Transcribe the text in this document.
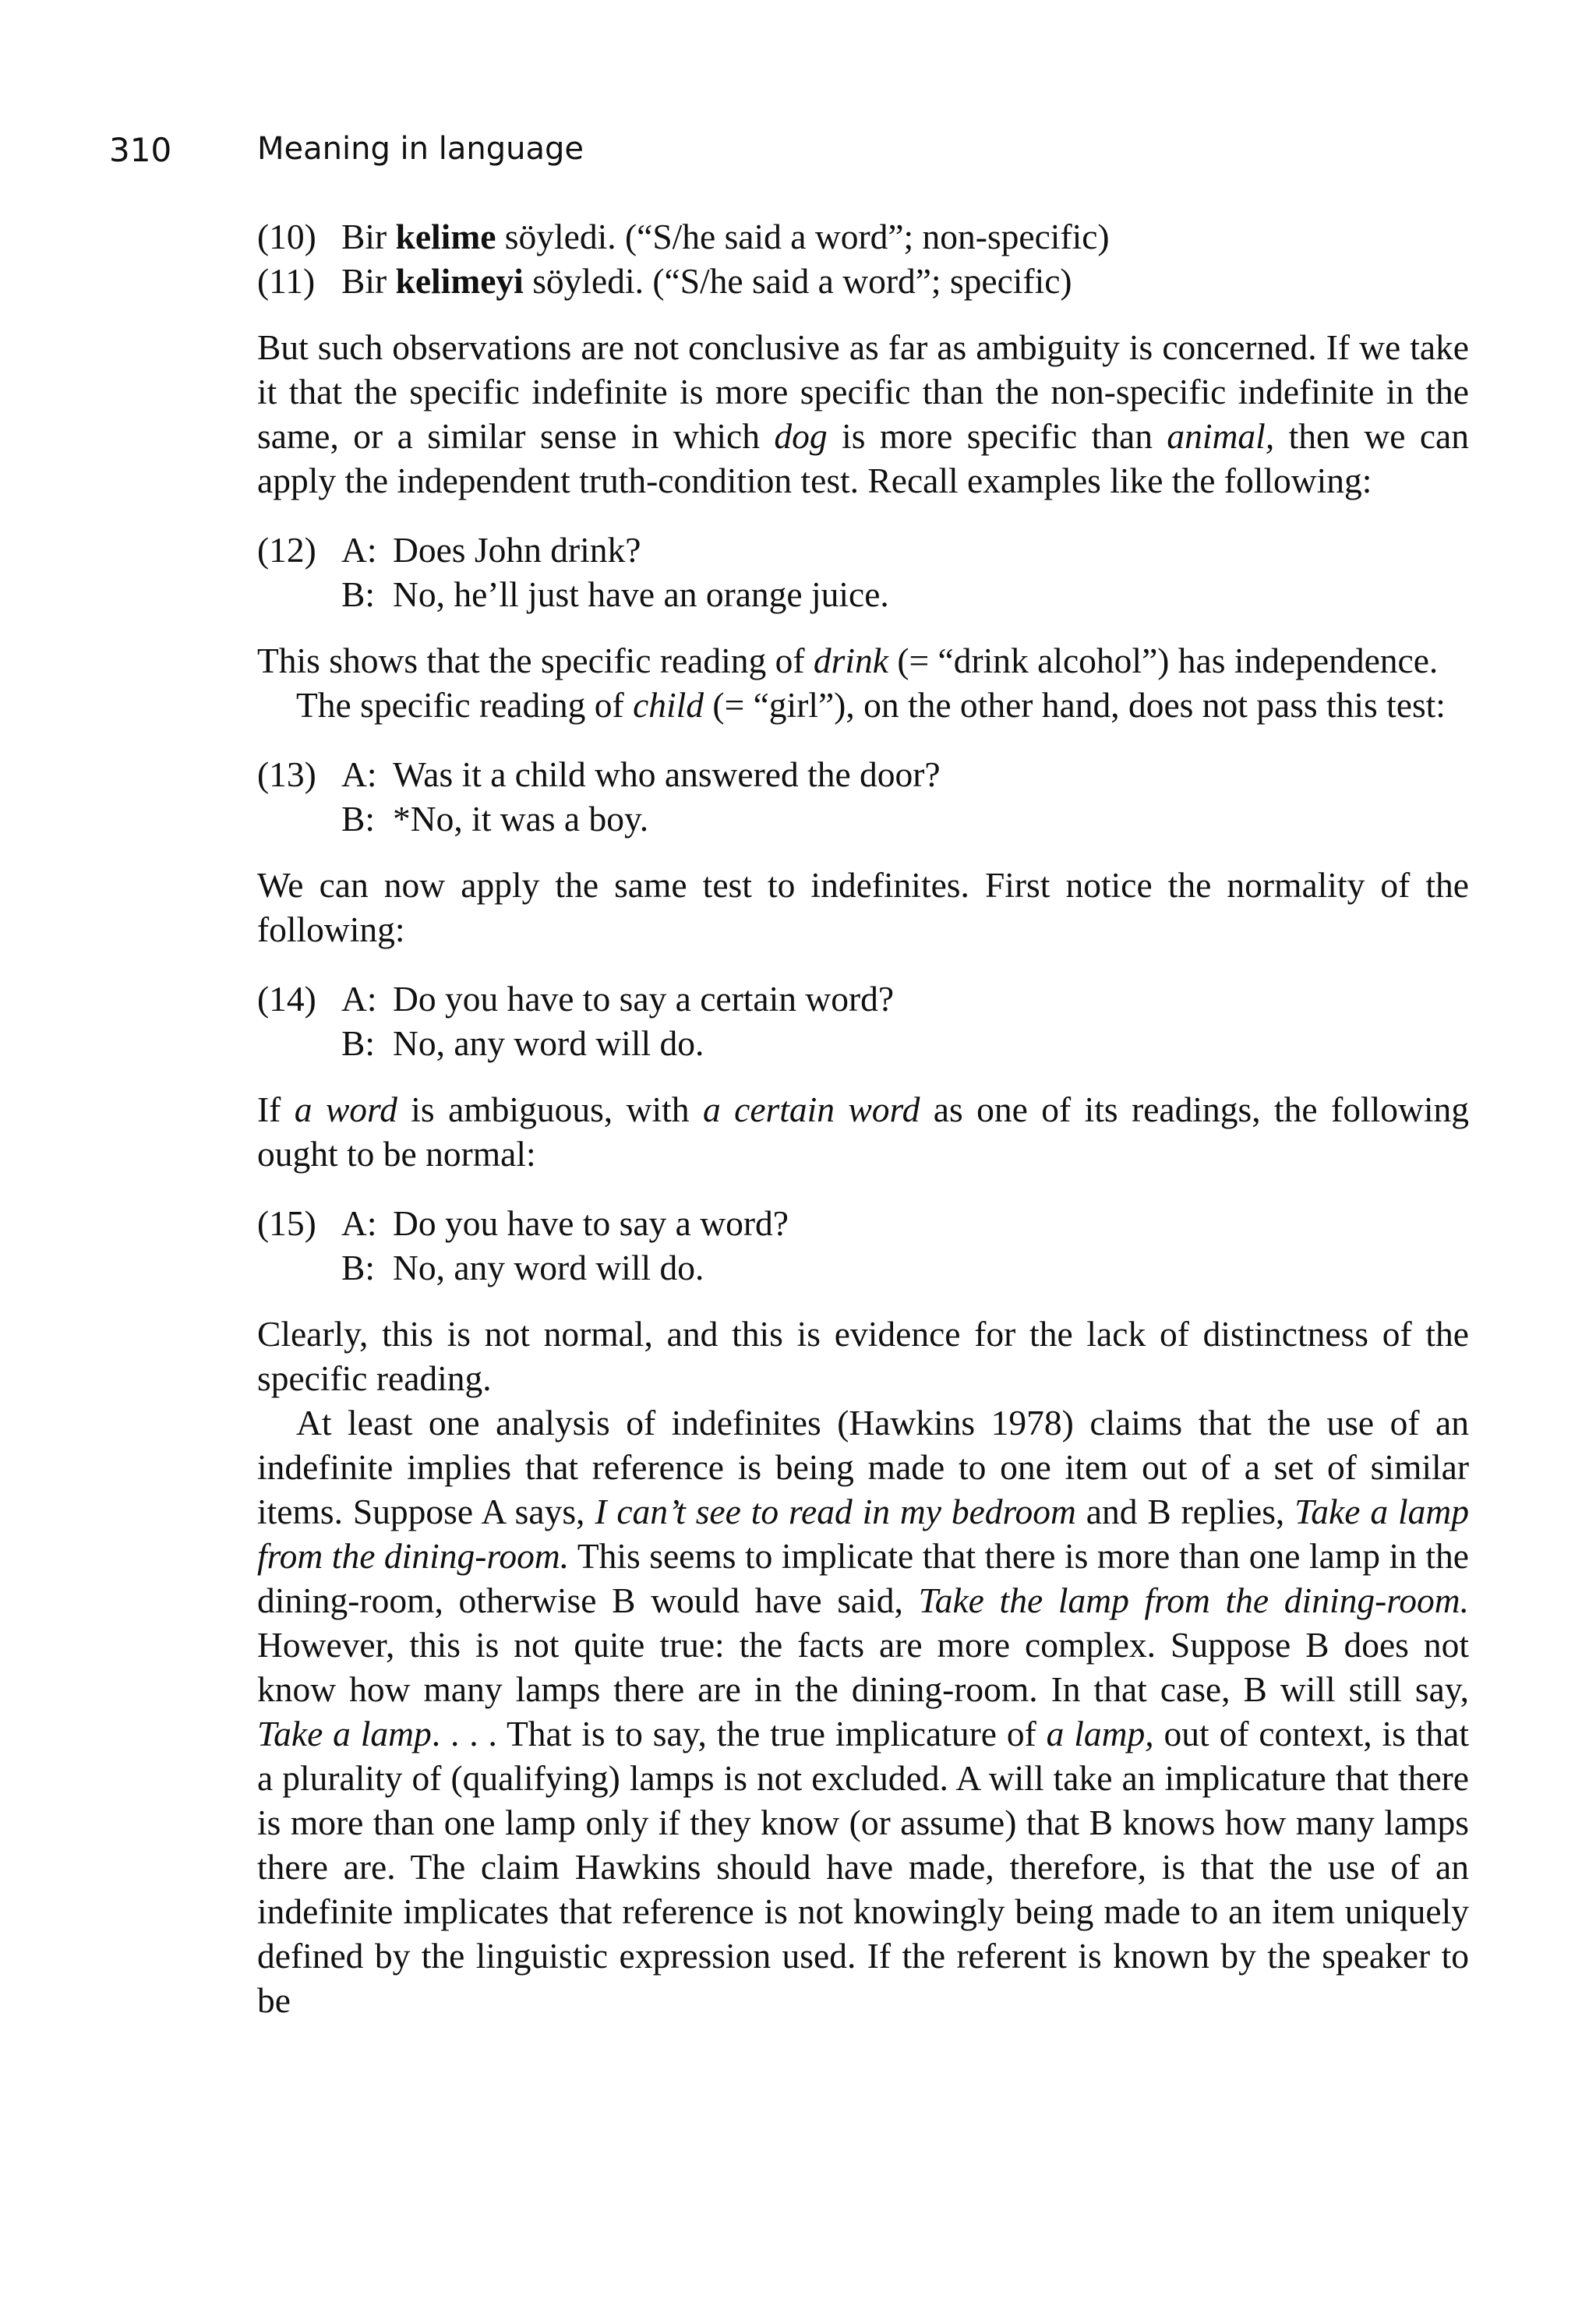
310	Meaning in language
(10) Bir kelime söyledi. (“S/he said a word”; non-specific)
(11) Bir kelimeyi söyledi. (“S/he said a word”; specific)

But such observations are not conclusive as far as ambiguity is concerned. If we take it that the specific indefinite is more specific than the non-specific indefinite in the same, or a similar sense in which dog is more specific than animal, then we can apply the independent truth-condition test. Recall examples like the following:

(12) A: Does John drink?
B: No, he’ll just have an orange juice.

This shows that the specific reading of drink (= “drink alcohol”) has independence.

The specific reading of child (= “girl”), on the other hand, does not pass this test:

(13) A: Was it a child who answered the door?
B: *No, it was a boy.

We can now apply the same test to indefinites. First notice the normality of the following:

(14) A: Do you have to say a certain word?
B: No, any word will do.

If a word is ambiguous, with a certain word as one of its readings, the following ought to be normal:

(15) A: Do you have to say a word?
B: No, any word will do.

Clearly, this is not normal, and this is evidence for the lack of distinctness of the specific reading.

At least one analysis of indefinites (Hawkins 1978) claims that the use of an indefinite implies that reference is being made to one item out of a set of similar items. Suppose A says, I can’t see to read in my bedroom and B replies, Take a lamp from the dining-room. This seems to implicate that there is more than one lamp in the dining-room, otherwise B would have said, Take the lamp from the dining-room. However, this is not quite true: the facts are more complex. Suppose B does not know how many lamps there are in the dining-room. In that case, B will still say, Take a lamp. . . . That is to say, the true implicature of a lamp, out of context, is that a plurality of (qualifying) lamps is not excluded. A will take an implicature that there is more than one lamp only if they know (or assume) that B knows how many lamps there are. The claim Hawkins should have made, therefore, is that the use of an indefinite implicates that reference is not knowingly being made to an item uniquely defined by the linguistic expression used. If the referent is known by the speaker to be
